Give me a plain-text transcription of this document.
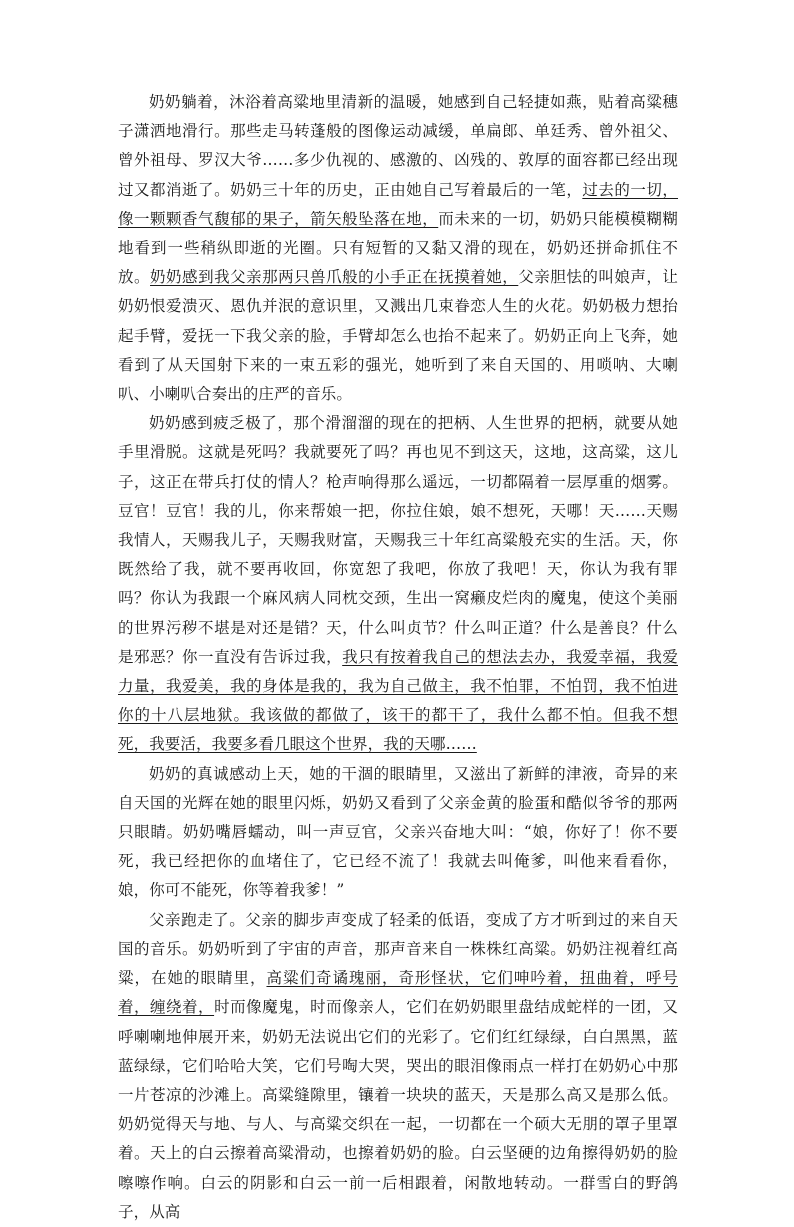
奶奶躺着，沐浴着高粱地里清新的温暖，她感到自己轻捷如燕，贴着高粱穗子潇洒地滑行。那些走马转蓬般的图像运动减缓，单扁郎、单廷秀、曾外祖父、曾外祖母、罗汉大爷……多少仇视的、感激的、凶残的、敦厚的面容都已经出现过又都消逝了。奶奶三十年的历史，正由她自己写着最后的一笔，过去的一切，像一颗颗香气馥郁的果子，箭矢般坠落在地，而未来的一切，奶奶只能模模糊糊地看到一些稍纵即逝的光圈。只有短暂的又黏又滑的现在，奶奶还拼命抓住不放。奶奶感到我父亲那两只兽爪般的小手正在抚摸着她，父亲胆怯的叫娘声，让奶奶恨爱溃灭、恩仇并泯的意识里，又溅出几束眷恋人生的火花。奶奶极力想抬起手臂，爱抚一下我父亲的脸，手臂却怎么也抬不起来了。奶奶正向上飞奔，她看到了从天国射下来的一束五彩的强光，她听到了来自天国的、用唢呐、大喇叭、小喇叭合奏出的庄严的音乐。

奶奶感到疲乏极了，那个滑溜溜的现在的把柄、人生世界的把柄，就要从她手里滑脱。这就是死吗？我就要死了吗？再也见不到这天，这地，这高粱，这儿子，这正在带兵打仗的情人？枪声响得那么遥远，一切都隔着一层厚重的烟雾。豆官！豆官！我的儿，你来帮娘一把，你拉住娘，娘不想死，天哪！天……天赐我情人，天赐我儿子，天赐我财富，天赐我三十年红高粱般充实的生活。天，你既然给了我，就不要再收回，你宽恕了我吧，你放了我吧！天，你认为我有罪吗？你认为我跟一个麻风病人同枕交颈，生出一窝癞皮烂肉的魔鬼，使这个美丽的世界污秽不堪是对还是错？天，什么叫贞节？什么叫正道？什么是善良？什么是邪恶？你一直没有告诉过我，我只有按着我自己的想法去办，我爱幸福，我爱力量，我爱美，我的身体是我的，我为自己做主，我不怕罪，不怕罚，我不怕进你的十八层地狱。我该做的都做了，该干的都干了，我什么都不怕。但我不想死，我要活，我要多看几眼这个世界，我的天哪……

奶奶的真诚感动上天，她的干涸的眼睛里，又滋出了新鲜的津液，奇异的来自天国的光辉在她的眼里闪烁，奶奶又看到了父亲金黄的脸蛋和酷似爷爷的那两只眼睛。奶奶嘴唇蠕动，叫一声豆官，父亲兴奋地大叫：“娘，你好了！你不要死，我已经把你的血堵住了，它已经不流了！我就去叫俺爹，叫他来看看你，娘，你可不能死，你等着我爹！”

父亲跑走了。父亲的脚步声变成了轻柔的低语，变成了方才听到过的来自天国的音乐。奶奶听到了宇宙的声音，那声音来自一株株红高粱。奶奶注视着红高粱，在她的眼睛里，高粱们奇谲瑰丽，奇形怪状，它们呻吟着，扭曲着，呼号着，缠绕着，时而像魔鬼，时而像亲人，它们在奶奶眼里盘结成蛇样的一团，又呼喇喇地伸展开来，奶奶无法说出它们的光彩了。它们红红绿绿，白白黑黑，蓝蓝绿绿，它们哈哈大笑，它们号啕大哭，哭出的眼泪像雨点一样打在奶奶心中那一片苍凉的沙滩上。高粱缝隙里，镶着一块块的蓝天，天是那么高又是那么低。奶奶觉得天与地、与人、与高粱交织在一起，一切都在一个硕大无朋的罩子里罩着。天上的白云擦着高粱滑动，也擦着奶奶的脸。白云坚硬的边角擦得奶奶的脸嚓嚓作响。白云的阴影和白云一前一后相跟着，闲散地转动。一群雪白的野鸽子，从高
